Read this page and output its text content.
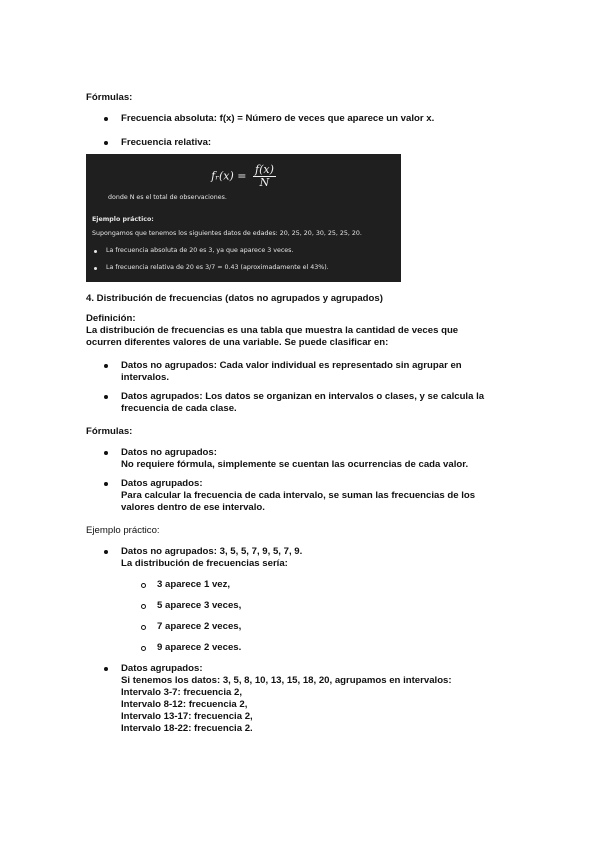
Fórmulas:
Frecuencia absoluta: f(x) = Número de veces que aparece un valor x.
Frecuencia relativa:
fᵣ(x) = $\frac{f(x)}{N}$
donde N es el total de observaciones.
Ejemplo práctico:
Supongamos que tenemos los siguientes datos de edades: 20, 25, 20, 30, 25, 25, 20.
La frecuencia absoluta de 20 es 3, ya que aparece 3 veces.
La frecuencia relativa de 20 es 3/7 = 0.43 (aproximadamente el 43%).
4. Distribución de frecuencias (datos no agrupados y agrupados)
Definición:
La distribución de frecuencias es una tabla que muestra la cantidad de veces que
ocurren diferentes valores de una variable. Se puede clasificar en:
Datos no agrupados: Cada valor individual es representado sin agrupar en
intervalos.
Datos agrupados: Los datos se organizan en intervalos o clases, y se calcula la
frecuencia de cada clase.
Fórmulas:
Datos no agrupados:
No requiere fórmula, simplemente se cuentan las ocurrencias de cada valor.
Datos agrupados:
Para calcular la frecuencia de cada intervalo, se suman las frecuencias de los
valores dentro de ese intervalo.
Ejemplo práctico:
Datos no agrupados: 3, 5, 5, 7, 9, 5, 7, 9.
La distribución de frecuencias sería:
3 aparece 1 vez,
5 aparece 3 veces,
7 aparece 2 veces,
9 aparece 2 veces.
Datos agrupados:
Si tenemos los datos: 3, 5, 8, 10, 13, 15, 18, 20, agrupamos en intervalos:
Intervalo 3-7: frecuencia 2,
Intervalo 8-12: frecuencia 2,
Intervalo 13-17: frecuencia 2,
Intervalo 18-22: frecuencia 2.
